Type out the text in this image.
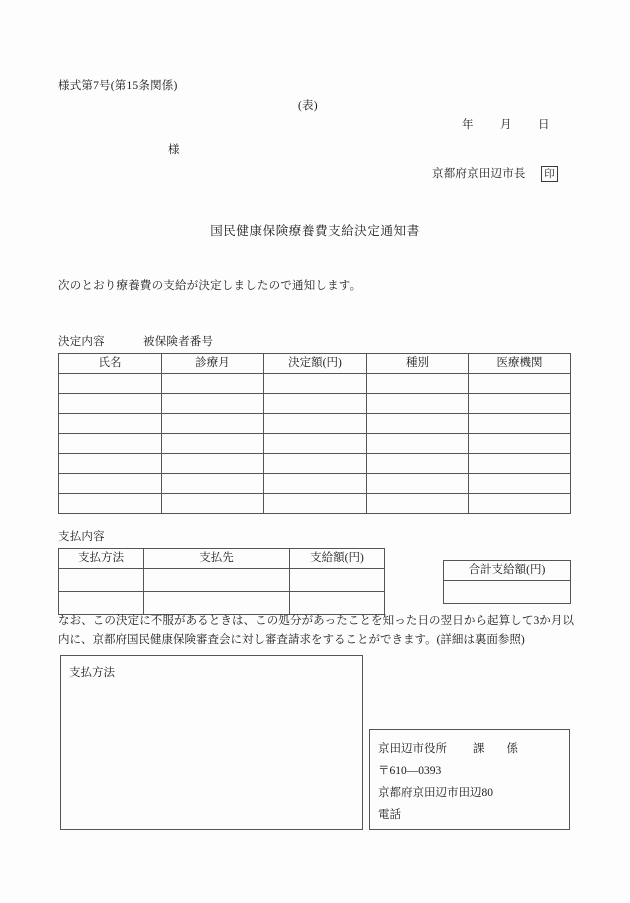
様式第7号(第15条関係)
(表)
年 月 日
様
京都府京田辺市長	印
国民健康保険療養費支給決定通知書
次のとおり療養費の支給が決定しましたので通知します。
決定内容	被保険者番号
氏名	診療月	決定額(円)	種別	医療機関

支払内容
支払方法	支払先	支給額(円)

合計支給額(円)

なお、この決定に不服があるときは、この処分があったことを知った日の翌日から起算して3か月以内に、京都府国民健康保険審査会に対し審査請求をすることができます。(詳細は裏面参照)
支払方法
京田辺市役所 課 係
〒610—0393
京都府京田辺市田辺80
電話
